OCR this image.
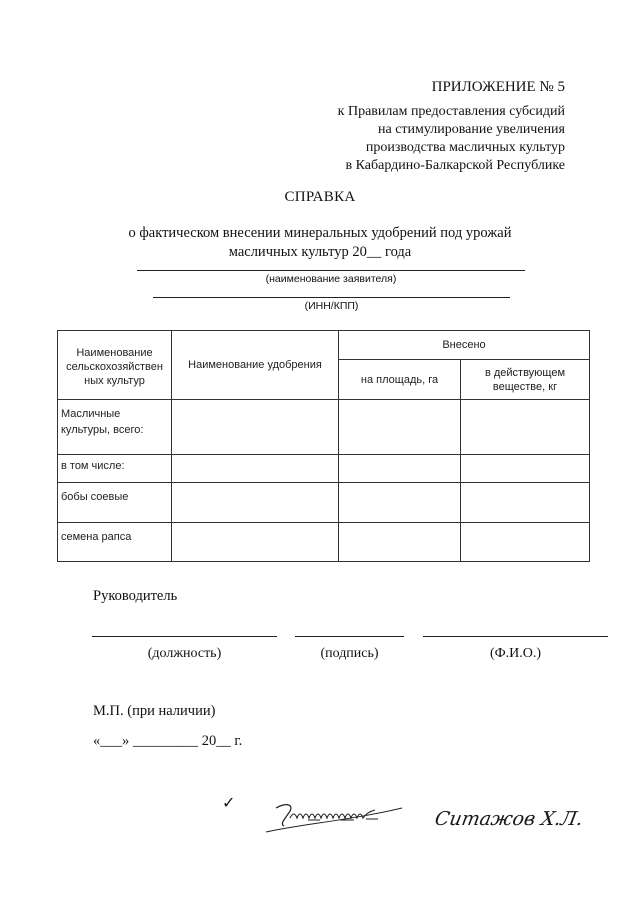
ПРИЛОЖЕНИЕ № 5
к Правилам предоставления субсидий
на стимулирование увеличения
производства масличных культур
в Кабардино-Балкарской Республике
СПРАВКА
о фактическом внесении минеральных удобрений под урожай
масличных культур 20__ года
(наименование заявителя)
(ИНН/КПП)
Наименование сельскохозяйствен ных культур	Наименование удобрения	Внесено	
		на площадь, га	в действующем веществе, кг
Масличные культуры, всего:			
в том числе:			
бобы соевые			
семена рапса			
Руководитель
(должность)	(подпись)	(Ф.И.О.)
М.П. (при наличии)
«___» _________ 20__ г.
✓
Ситажов Х.Л.
